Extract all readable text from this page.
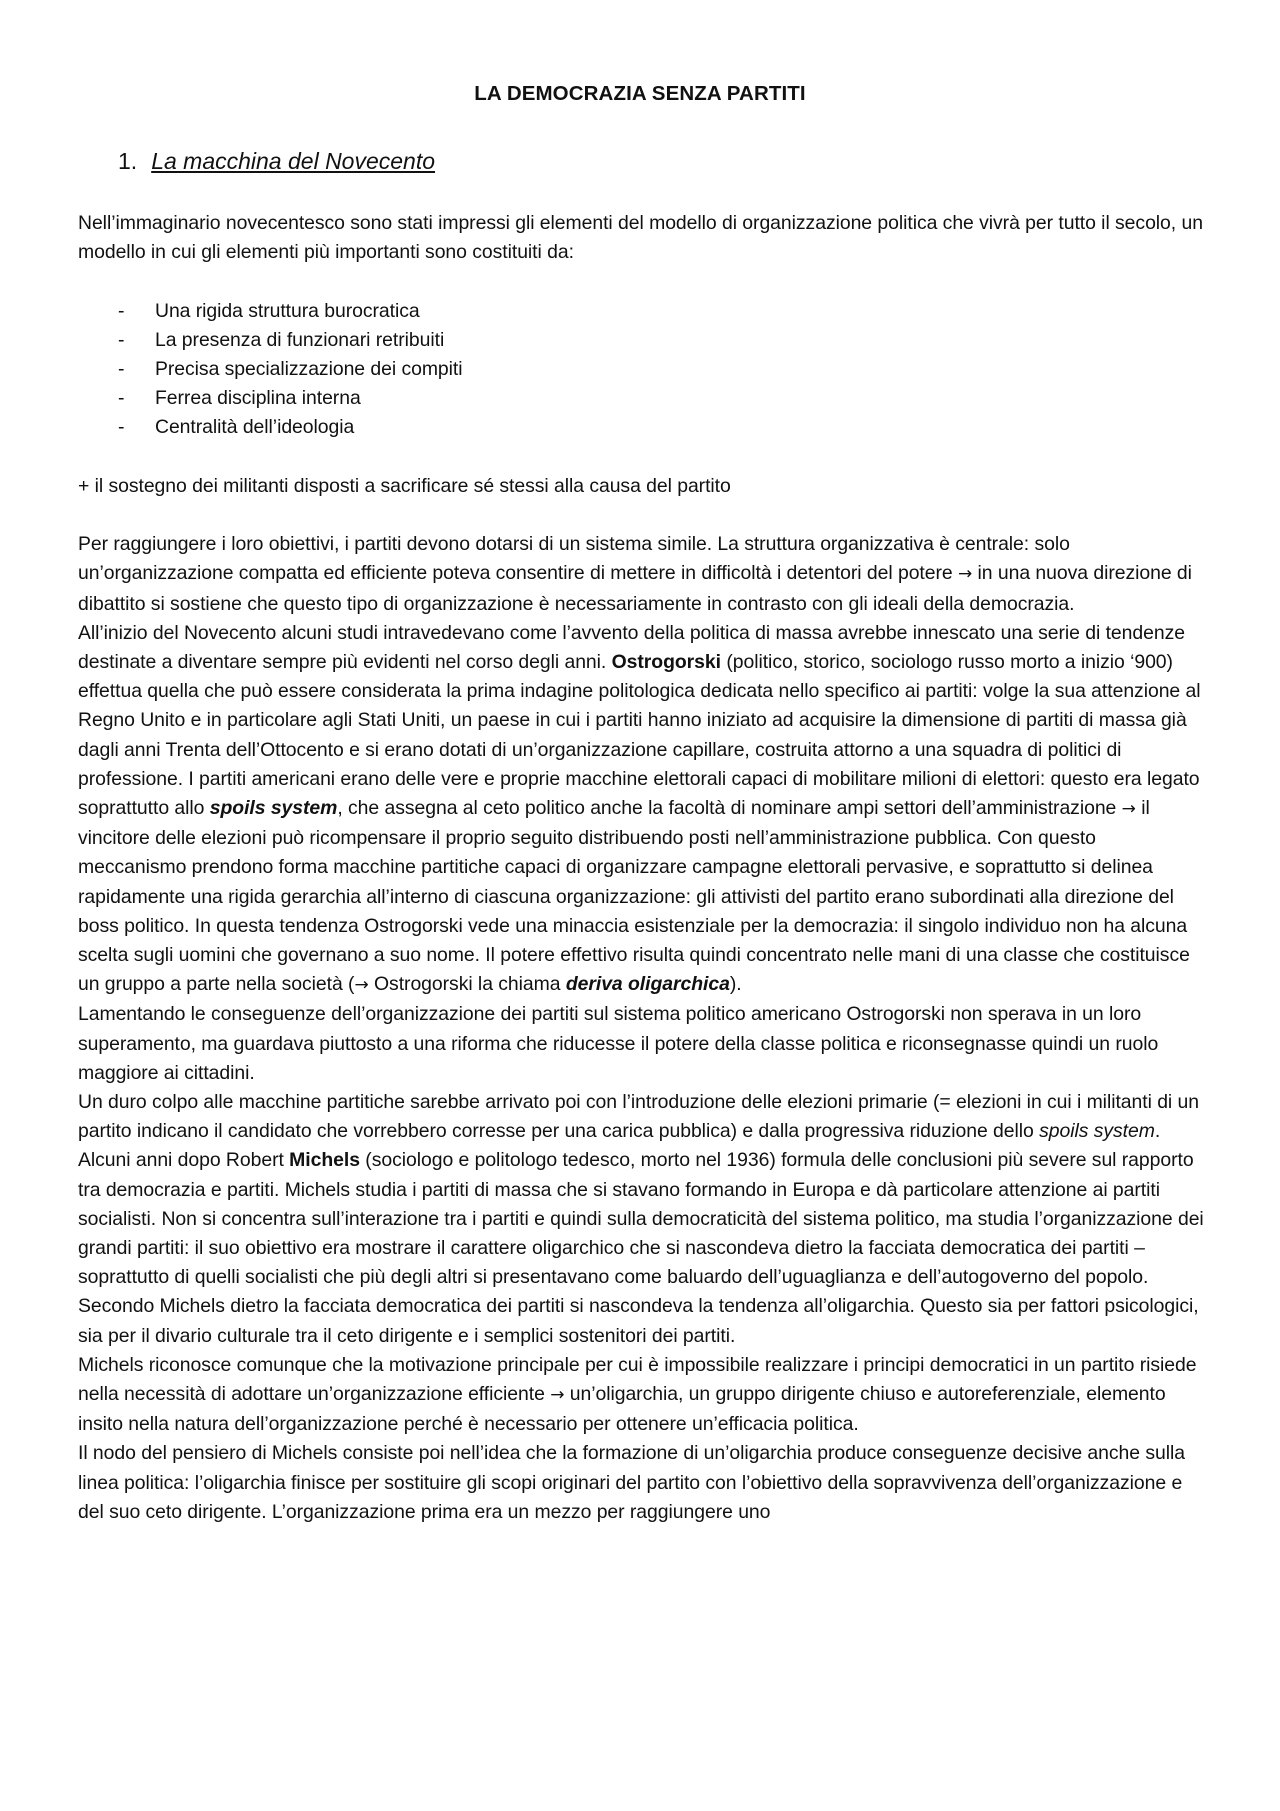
LA DEMOCRAZIA SENZA PARTITI
1. La macchina del Novecento

Nell’immaginario novecentesco sono stati impressi gli elementi del modello di organizzazione politica che vivrà per tutto il secolo, un modello in cui gli elementi più importanti sono costituiti da:

- Una rigida struttura burocratica
- La presenza di funzionari retribuiti
- Precisa specializzazione dei compiti
- Ferrea disciplina interna
- Centralità dell’ideologia

+ il sostegno dei militanti disposti a sacrificare sé stessi alla causa del partito

Per raggiungere i loro obiettivi, i partiti devono dotarsi di un sistema simile. La struttura organizzativa è centrale: solo un’organizzazione compatta ed efficiente poteva consentire di mettere in difficoltà i detentori del potere → in una nuova direzione di dibattito si sostiene che questo tipo di organizzazione è necessariamente in contrasto con gli ideali della democrazia.

All’inizio del Novecento alcuni studi intravedevano come l’avvento della politica di massa avrebbe innescato una serie di tendenze destinate a diventare sempre più evidenti nel corso degli anni. Ostrogorski (politico, storico, sociologo russo morto a inizio ‘900) effettua quella che può essere considerata la prima indagine politologica dedicata nello specifico ai partiti: volge la sua attenzione al Regno Unito e in particolare agli Stati Uniti, un paese in cui i partiti hanno iniziato ad acquisire la dimensione di partiti di massa già dagli anni Trenta dell’Ottocento e si erano dotati di un’organizzazione capillare, costruita attorno a una squadra di politici di professione. I partiti americani erano delle vere e proprie macchine elettorali capaci di mobilitare milioni di elettori: questo era legato soprattutto allo spoils system, che assegna al ceto politico anche la facoltà di nominare ampi settori dell’amministrazione → il vincitore delle elezioni può ricompensare il proprio seguito distribuendo posti nell’amministrazione pubblica. Con questo meccanismo prendono forma macchine partitiche capaci di organizzare campagne elettorali pervasive, e soprattutto si delinea rapidamente una rigida gerarchia all’interno di ciascuna organizzazione: gli attivisti del partito erano subordinati alla direzione del boss politico. In questa tendenza Ostrogorski vede una minaccia esistenziale per la democrazia: il singolo individuo non ha alcuna scelta sugli uomini che governano a suo nome. Il potere effettivo risulta quindi concentrato nelle mani di una classe che costituisce un gruppo a parte nella società (→ Ostrogorski la chiama deriva oligarchica).

Lamentando le conseguenze dell’organizzazione dei partiti sul sistema politico americano Ostrogorski non sperava in un loro superamento, ma guardava piuttosto a una riforma che riducesse il potere della classe politica e riconsegnasse quindi un ruolo maggiore ai cittadini.

Un duro colpo alle macchine partitiche sarebbe arrivato poi con l’introduzione delle elezioni primarie (= elezioni in cui i militanti di un partito indicano il candidato che vorrebbero corresse per una carica pubblica) e dalla progressiva riduzione dello spoils system.

Alcuni anni dopo Robert Michels (sociologo e politologo tedesco, morto nel 1936) formula delle conclusioni più severe sul rapporto tra democrazia e partiti. Michels studia i partiti di massa che si stavano formando in Europa e dà particolare attenzione ai partiti socialisti. Non si concentra sull’interazione tra i partiti e quindi sulla democraticità del sistema politico, ma studia l’organizzazione dei grandi partiti: il suo obiettivo era mostrare il carattere oligarchico che si nascondeva dietro la facciata democratica dei partiti – soprattutto di quelli socialisti che più degli altri si presentavano come baluardo dell’uguaglianza e dell’autogoverno del popolo. Secondo Michels dietro la facciata democratica dei partiti si nascondeva la tendenza all’oligarchia. Questo sia per fattori psicologici, sia per il divario culturale tra il ceto dirigente e i semplici sostenitori dei partiti.

Michels riconosce comunque che la motivazione principale per cui è impossibile realizzare i principi democratici in un partito risiede nella necessità di adottare un’organizzazione efficiente → un’oligarchia, un gruppo dirigente chiuso e autoreferenziale, elemento insito nella natura dell’organizzazione perché è necessario per ottenere un’efficacia politica.

Il nodo del pensiero di Michels consiste poi nell’idea che la formazione di un’oligarchia produce conseguenze decisive anche sulla linea politica: l’oligarchia finisce per sostituire gli scopi originari del partito con l’obiettivo della sopravvivenza dell’organizzazione e del suo ceto dirigente. L’organizzazione prima era un mezzo per raggiungere uno
